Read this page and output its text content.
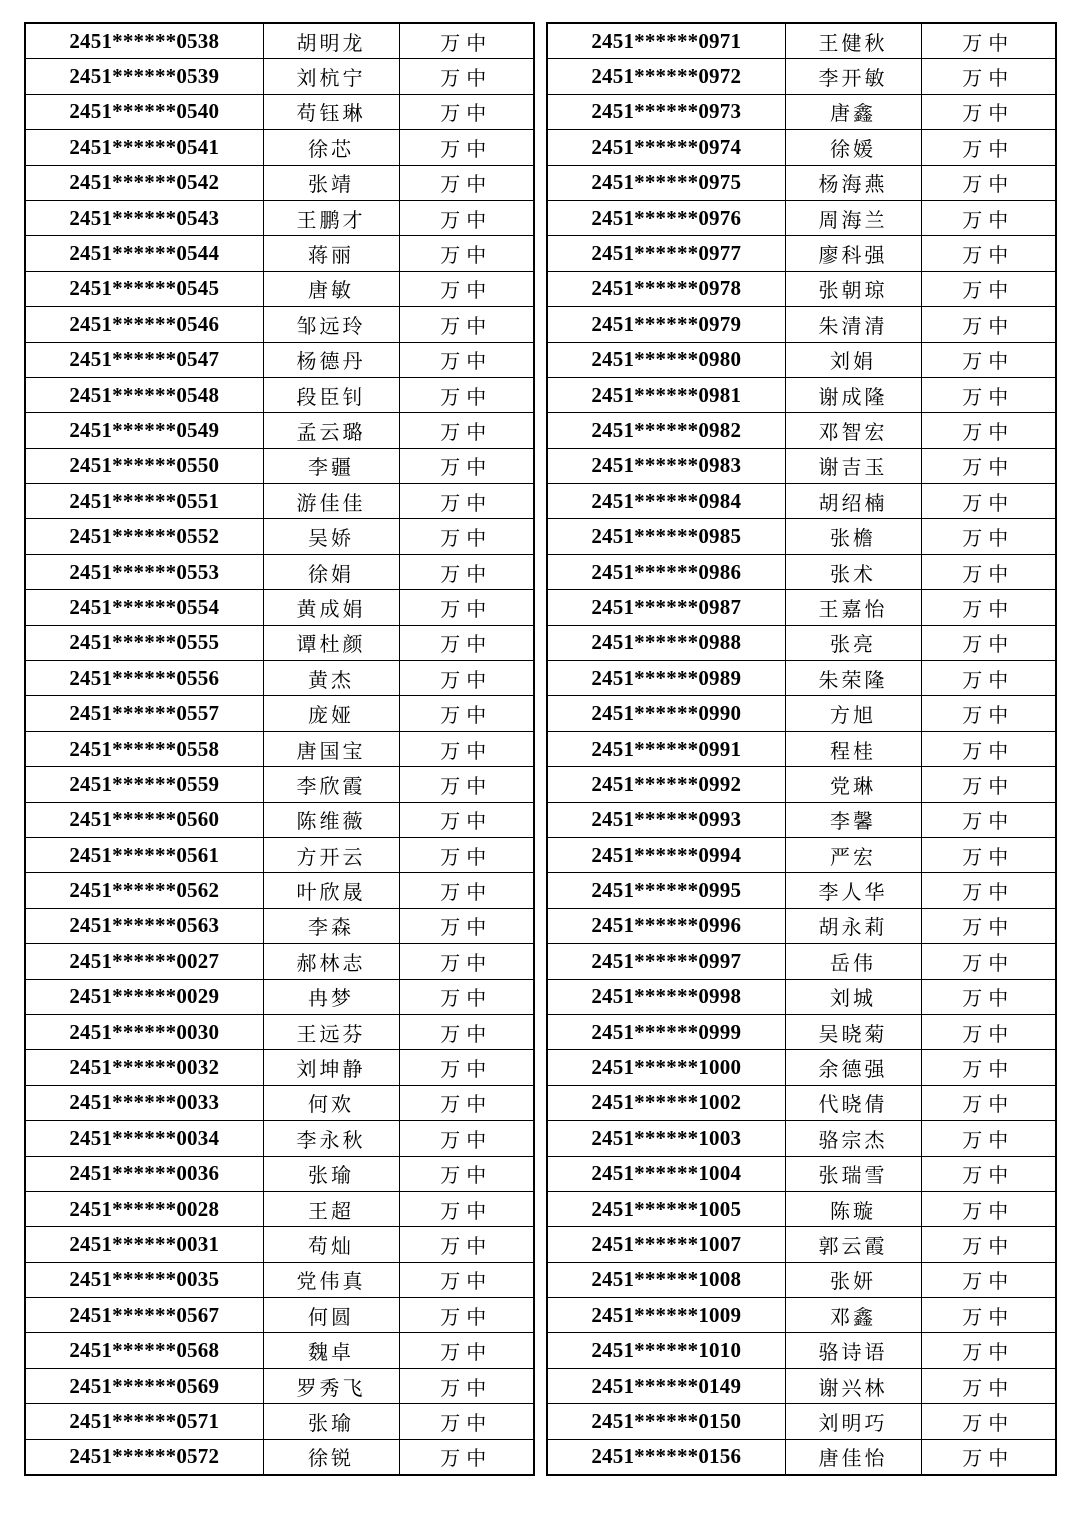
2451******0538	胡明龙	万中
2451******0539	刘杭宁	万中
2451******0540	苟钰琳	万中
2451******0541	徐芯	万中
2451******0542	张靖	万中
2451******0543	王鹏才	万中
2451******0544	蒋丽	万中
2451******0545	唐敏	万中
2451******0546	邹远玲	万中
2451******0547	杨德丹	万中
2451******0548	段臣钊	万中
2451******0549	孟云璐	万中
2451******0550	李疆	万中
2451******0551	游佳佳	万中
2451******0552	吴娇	万中
2451******0553	徐娟	万中
2451******0554	黄成娟	万中
2451******0555	谭杜颜	万中
2451******0556	黄杰	万中
2451******0557	庞娅	万中
2451******0558	唐国宝	万中
2451******0559	李欣霞	万中
2451******0560	陈维薇	万中
2451******0561	方开云	万中
2451******0562	叶欣晟	万中
2451******0563	李森	万中
2451******0027	郝林志	万中
2451******0029	冉梦	万中
2451******0030	王远芬	万中
2451******0032	刘坤静	万中
2451******0033	何欢	万中
2451******0034	李永秋	万中
2451******0036	张瑜	万中
2451******0028	王超	万中
2451******0031	苟灿	万中
2451******0035	党伟真	万中
2451******0567	何圆	万中
2451******0568	魏卓	万中
2451******0569	罗秀飞	万中
2451******0571	张瑜	万中
2451******0572	徐锐	万中
2451******0971	王健秋	万中
2451******0972	李开敏	万中
2451******0973	唐鑫	万中
2451******0974	徐媛	万中
2451******0975	杨海燕	万中
2451******0976	周海兰	万中
2451******0977	廖科强	万中
2451******0978	张朝琼	万中
2451******0979	朱清清	万中
2451******0980	刘娟	万中
2451******0981	谢成隆	万中
2451******0982	邓智宏	万中
2451******0983	谢吉玉	万中
2451******0984	胡绍楠	万中
2451******0985	张檐	万中
2451******0986	张术	万中
2451******0987	王嘉怡	万中
2451******0988	张亮	万中
2451******0989	朱荣隆	万中
2451******0990	方旭	万中
2451******0991	程桂	万中
2451******0992	党琳	万中
2451******0993	李馨	万中
2451******0994	严宏	万中
2451******0995	李人华	万中
2451******0996	胡永莉	万中
2451******0997	岳伟	万中
2451******0998	刘城	万中
2451******0999	吴晓菊	万中
2451******1000	余德强	万中
2451******1002	代晓倩	万中
2451******1003	骆宗杰	万中
2451******1004	张瑞雪	万中
2451******1005	陈璇	万中
2451******1007	郭云霞	万中
2451******1008	张妍	万中
2451******1009	邓鑫	万中
2451******1010	骆诗语	万中
2451******0149	谢兴林	万中
2451******0150	刘明巧	万中
2451******0156	唐佳怡	万中
